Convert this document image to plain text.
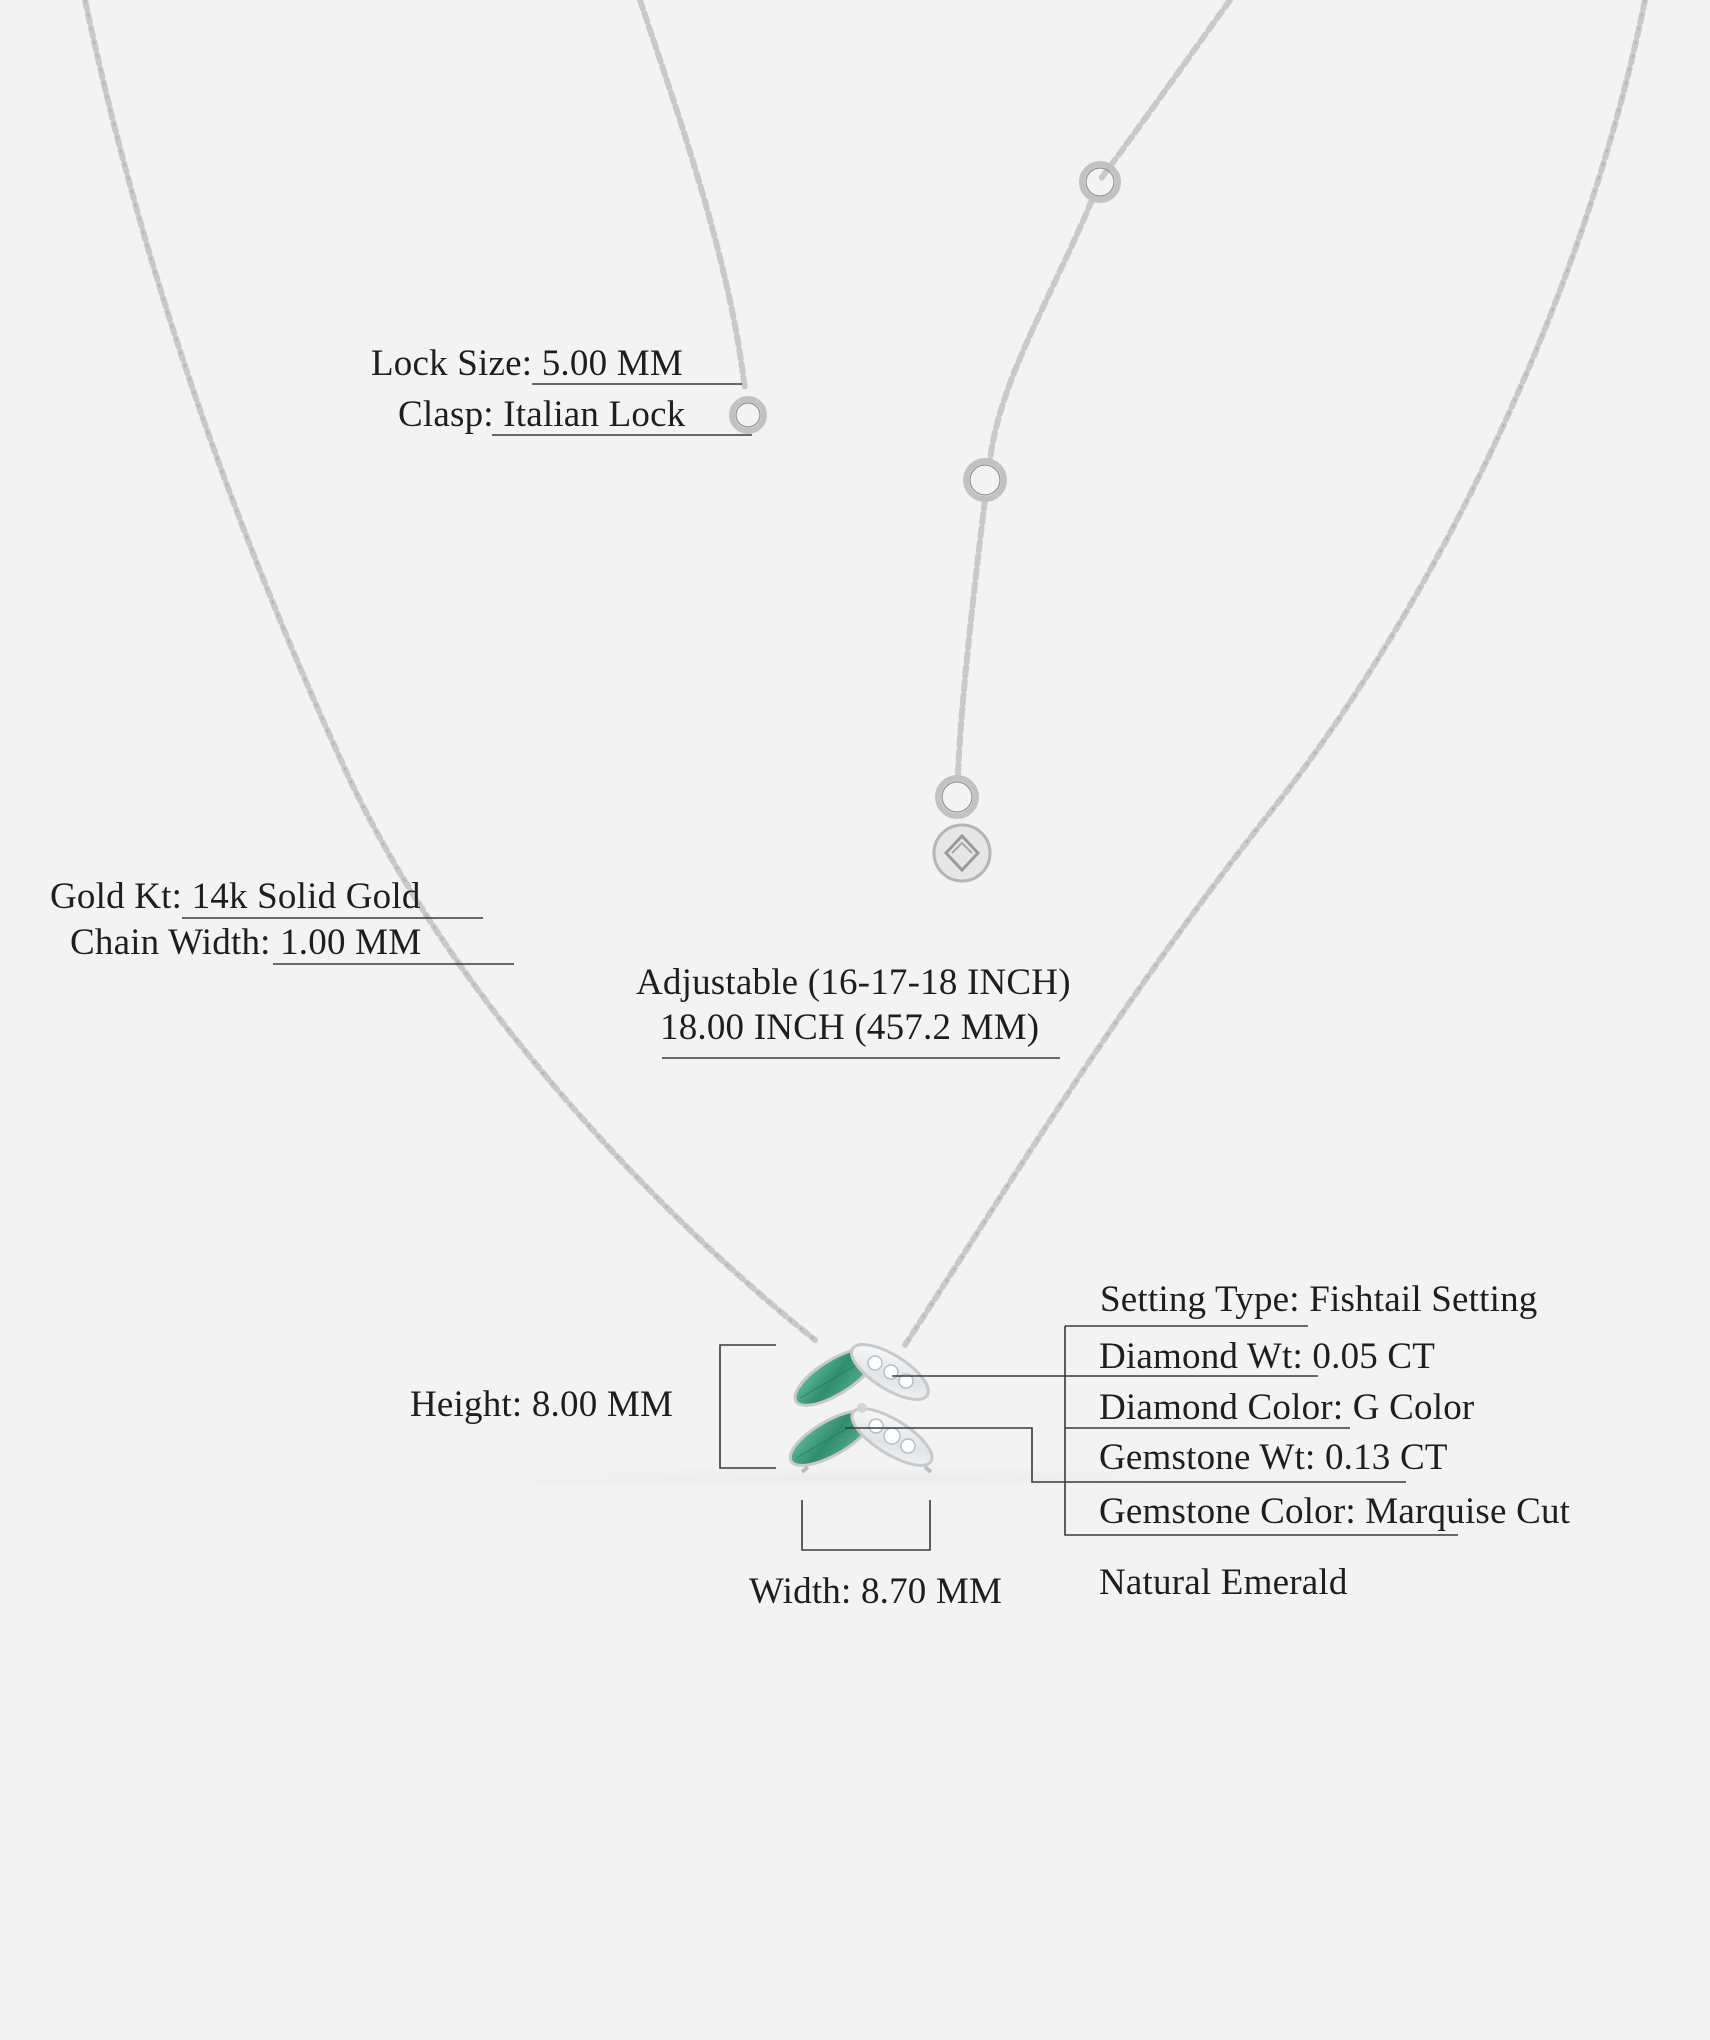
Lock Size: 5.00 MM
Clasp: Italian Lock
Gold Kt: 14k Solid Gold
Chain Width: 1.00 MM
Adjustable (16-17-18 INCH)
18.00 INCH (457.2 MM)
Height: 8.00 MM
Width: 8.70 MM
Setting Type: Fishtail Setting
Diamond Wt: 0.05 CT
Diamond Color: G Color
Gemstone Wt: 0.13 CT
Gemstone Color: Marquise Cut
Natural Emerald
